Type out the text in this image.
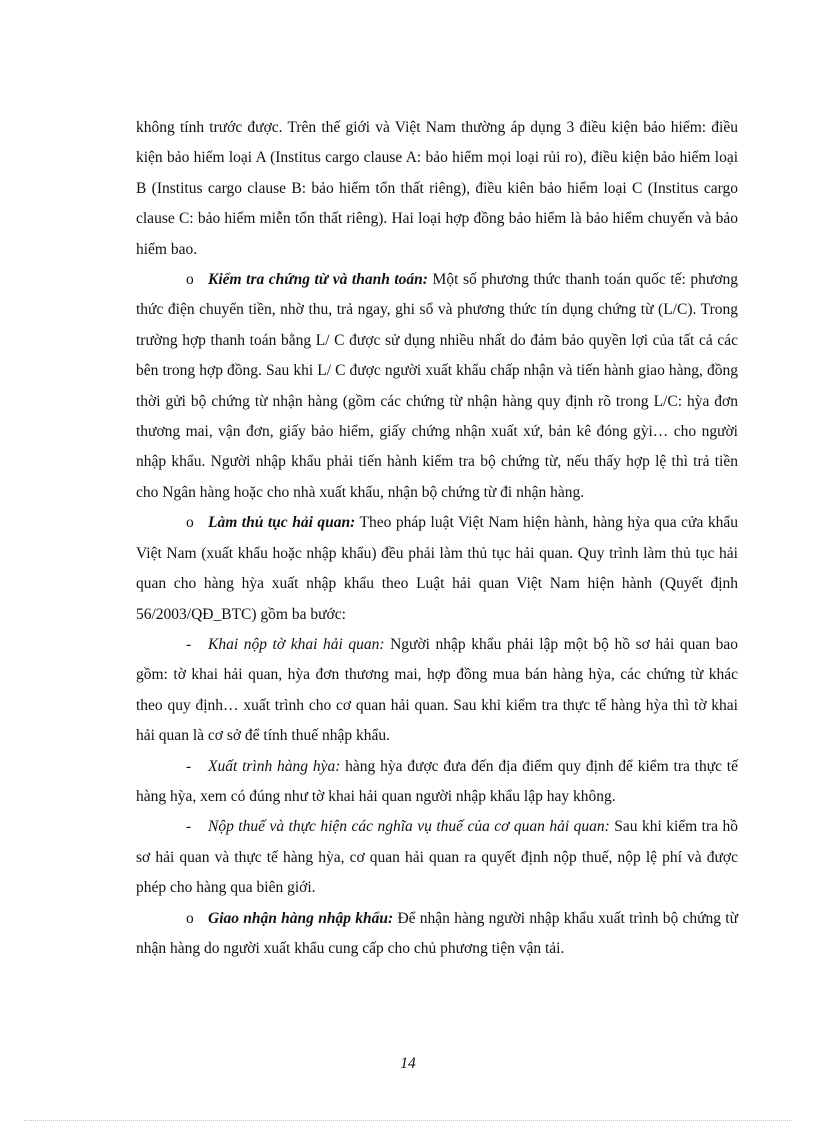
không tính trước được. Trên thế giới và Việt Nam thường áp dụng 3 điều kiện bảo hiểm: điều kiện bảo hiểm loại A (Institus cargo clause A: bảo hiểm mọi loại rủi ro), điều kiện bảo hiểm loại B (Institus cargo clause B: bảo hiểm tổn thất riêng), điều kiên bảo hiểm loại C (Institus cargo clause C: bảo hiểm miễn tổn thất riêng). Hai loại hợp đồng bảo hiểm là bảo hiểm chuyến và bảo hiểm bao.

o Kiểm tra chứng từ và thanh toán: Một số phương thức thanh toán quốc tế: phương thức điện chuyển tiền, nhờ thu, trả ngay, ghi sổ và phương thức tín dụng chứng từ (L/C). Trong trường hợp thanh toán bằng L/ C được sử dụng nhiều nhất do đảm bảo quyền lợi của tất cả các bên trong hợp đồng. Sau khi L/ C được người xuất khẩu chấp nhận và tiến hành giao hàng, đồng thời gửi bộ chứng từ nhận hàng (gồm các chứng từ nhận hàng quy định rõ trong L/C: hỳa đơn thương mai, vận đơn, giấy bảo hiểm, giấy chứng nhận xuất xứ, bản kê đóng gỳi… cho người nhập khẩu. Người nhập khẩu phải tiến hành kiểm tra bộ chứng từ, nếu thấy hợp lệ thì trả tiền cho Ngân hàng hoặc cho nhà xuất khẩu, nhận bộ chứng từ đi nhận hàng.

o Làm thủ tục hải quan: Theo pháp luật Việt Nam hiện hành, hàng hỳa qua cửa khẩu Việt Nam (xuất khẩu hoặc nhập khẩu) đều phải làm thủ tục hải quan. Quy trình làm thủ tục hải quan cho hàng hỳa xuất nhập khẩu theo Luật hải quan Việt Nam hiện hành (Quyết định 56/2003/QĐ_BTC) gồm ba bước:

- Khai nộp tờ khai hải quan: Người nhập khẩu phải lập một bộ hồ sơ hải quan bao gồm: tờ khai hải quan, hỳa đơn thương mai, hợp đồng mua bán hàng hỳa, các chứng từ khác theo quy định… xuất trình cho cơ quan hải quan. Sau khi kiểm tra thực tế hàng hỳa thì tờ khai hải quan là cơ sở để tính thuế nhập khẩu.

- Xuất trình hàng hỳa: hàng hỳa được đưa đến địa điểm quy định để kiểm tra thực tế hàng hỳa, xem có đúng như tờ khai hải quan người nhập khẩu lập hay không.

- Nộp thuế và thực hiện các nghĩa vụ thuế của cơ quan hải quan: Sau khi kiểm tra hồ sơ hải quan và thực tế hàng hỳa, cơ quan hải quan ra quyết định nộp thuế, nộp lệ phí và được phép cho hàng qua biên giới.

o Giao nhận hàng nhập khẩu: Để nhận hàng người nhập khẩu xuất trình bộ chứng từ nhận hàng do người xuất khẩu cung cấp cho chủ phương tiện vận tải.

14
